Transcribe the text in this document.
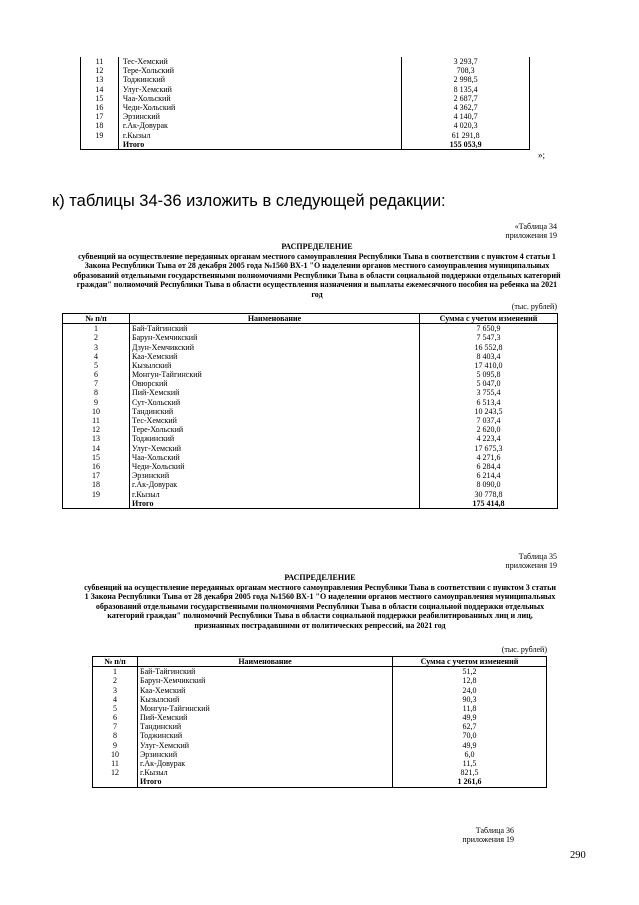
11	Тес-Хемский	3 293,7
12	Тере-Хольский	708,3
13	Тоджинский	2 998,5
14	Улуг-Хемский	8 135,4
15	Чаа-Хольский	2 687,7
16	Чеди-Хольский	4 362,7
17	Эрзинский	4 140,7
18	г.Ак-Довурак	4 020,3
19	г.Кызыл	61 291,8
	Итого	155 053,9
»;
к) таблицы 34-36 изложить в следующей редакции:
«Таблица 34
приложения 19
РАСПРЕДЕЛЕНИЕ
субвенций на осуществление переданных органам местного самоуправления Республики Тыва в соответствии с пунктом 4 статьи 1 Закона Республики Тыва от 28 декабря 2005 года №1560 ВХ-1 "О наделении органов местного самоуправления муниципальных образований отдельными государственными полномочиями Республики Тыва в области социальной поддержки отдельных категорий граждан" полномочий Республики Тыва в области осуществления назначения и выплаты ежемесячного пособия на ребенка на 2021 год
(тыс. рублей)
№ п/п	Наименование	Сумма с учетом изменений
1	Бай-Тайгинский	7 650,9
2	Барун-Хемчикский	7 547,3
3	Дзун-Хемчикский	16 552,8
4	Каа-Хемский	8 403,4
5	Кызылский	17 410,0
6	Монгун-Тайгинский	5 095,8
7	Овюрский	5 047,0
8	Пий-Хемский	3 755,4
9	Сут-Хольский	6 513,4
10	Тандинский	10 243,5
11	Тес-Хемский	7 037,4
12	Тере-Хольский	2 620,0
13	Тоджинский	4 223,4
14	Улуг-Хемский	17 675,3
15	Чаа-Хольский	4 271,6
16	Чеди-Хольский	6 284,4
17	Эрзинский	6 214,4
18	г.Ак-Довурак	8 090,0
19	г.Кызыл	30 778,8
	Итого	175 414,8
Таблица 35
приложения 19
РАСПРЕДЕЛЕНИЕ
субвенций на осуществление переданных органам местного самоуправления Республики Тыва в соответствии с пунктом 3 статьи 1 Закона Республики Тыва от 28 декабря 2005 года №1560 ВХ-1 "О наделении органов местного самоуправления муниципальных образований отдельными государственными полномочиями Республики Тыва в области социальной поддержки отдельных категорий граждан" полномочий Республики Тыва в области социальной поддержки реабилитированных лиц и лиц, признанных пострадавшими от политических репрессий, на 2021 год
(тыс. рублей)
№ п/п	Наименование	Сумма с учетом изменений
1	Бай-Тайгинский	51,2
2	Барун-Хемчикский	12,8
3	Каа-Хемский	24,0
4	Кызылский	90,3
5	Монгун-Тайгинский	11,8
6	Пий-Хемский	49,9
7	Тандинский	62,7
8	Тоджинский	70,0
9	Улуг-Хемский	49,9
10	Эрзинский	6,0
11	г.Ак-Довурак	11,5
12	г.Кызыл	821,5
	Итого	1 261,6
Таблица 36
приложения 19
290
